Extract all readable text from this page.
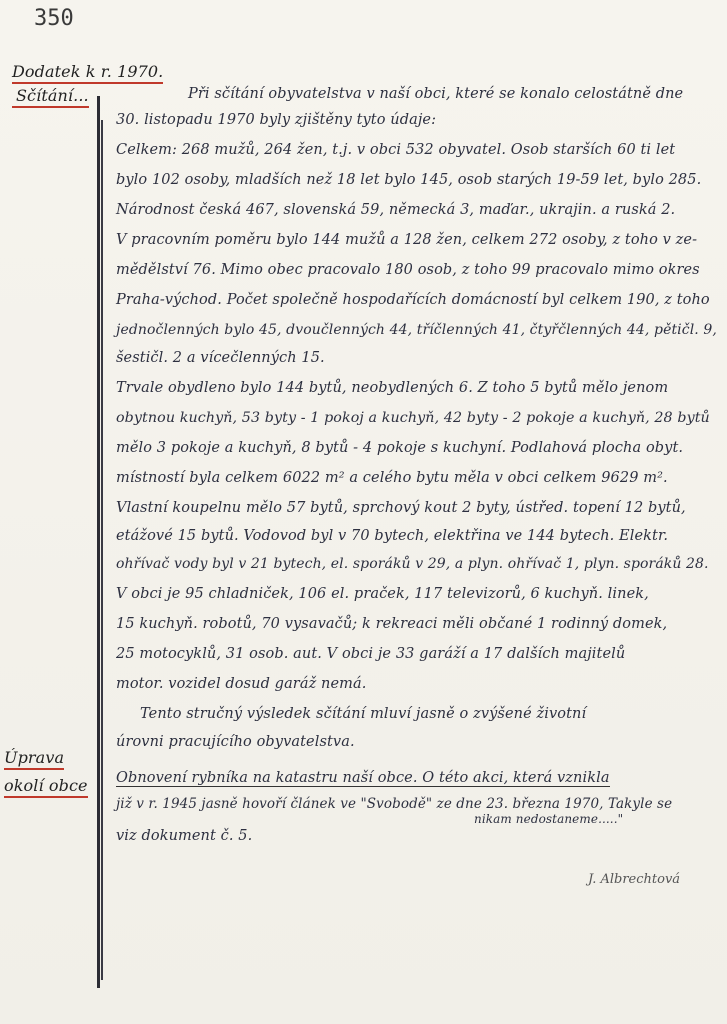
350
Dodatek k r. 1970.
Sčítání...
Úprava
okolí obce
Při sčítání obyvatelstva v naší obci, které se konalo celostátně dne
30. listopadu 1970 byly zjištěny tyto údaje:
Celkem: 268 mužů, 264 žen, t.j. v obci 532 obyvatel. Osob starších 60 ti let
bylo 102 osoby, mladších než 18 let bylo 145, osob starých 19-59 let, bylo 285.
Národnost česká 467, slovenská 59, německá 3, maďar., ukrajin. a ruská 2.
V pracovním poměru bylo 144 mužů a 128 žen, celkem 272 osoby, z toho v ze-
mědělství 76. Mimo obec pracovalo 180 osob, z toho 99 pracovalo mimo okres
Praha-východ. Počet společně hospodařících domácností byl celkem 190, z toho
jednočlenných bylo 45, dvoučlenných 44, tříčlenných 41, čtyřčlenných 44, pětičl. 9,
šestičl. 2 a vícečlenných 15.
Trvale obydleno bylo 144 bytů, neobydlených 6. Z toho 5 bytů mělo jenom
obytnou kuchyň, 53 byty - 1 pokoj a kuchyň, 42 byty - 2 pokoje a kuchyň, 28 bytů
mělo 3 pokoje a kuchyň, 8 bytů - 4 pokoje s kuchyní. Podlahová plocha obyt.
místností byla celkem 6022 m² a celého bytu měla v obci celkem 9629 m².
Vlastní koupelnu mělo 57 bytů, sprchový kout 2 byty, ústřed. topení 12 bytů,
etážové 15 bytů. Vodovod byl v 70 bytech, elektřina ve 144 bytech. Elektr.
ohřívač vody byl v 21 bytech, el. sporáků v 29, a plyn. ohřívač 1, plyn. sporáků 28.
V obci je 95 chladniček, 106 el. praček, 117 televizorů, 6 kuchyň. linek,
15 kuchyň. robotů, 70 vysavačů; k rekreaci měli občané 1 rodinný domek,
25 motocyklů, 31 osob. aut. V obci je 33 garáží a 17 dalších majitelů
motor. vozidel dosud garáž nemá.
Tento stručný výsledek sčítání mluví jasně o zvýšené životní
úrovni pracujícího obyvatelstva.
Obnovení rybníka na katastru naší obce. O této akci, která vznikla
již v r. 1945 jasně hovoří článek ve "Svobodě" ze dne 23. března 1970, Takyle se
nikam nedostaneme....."
viz dokument č. 5.
J. Albrechtová
